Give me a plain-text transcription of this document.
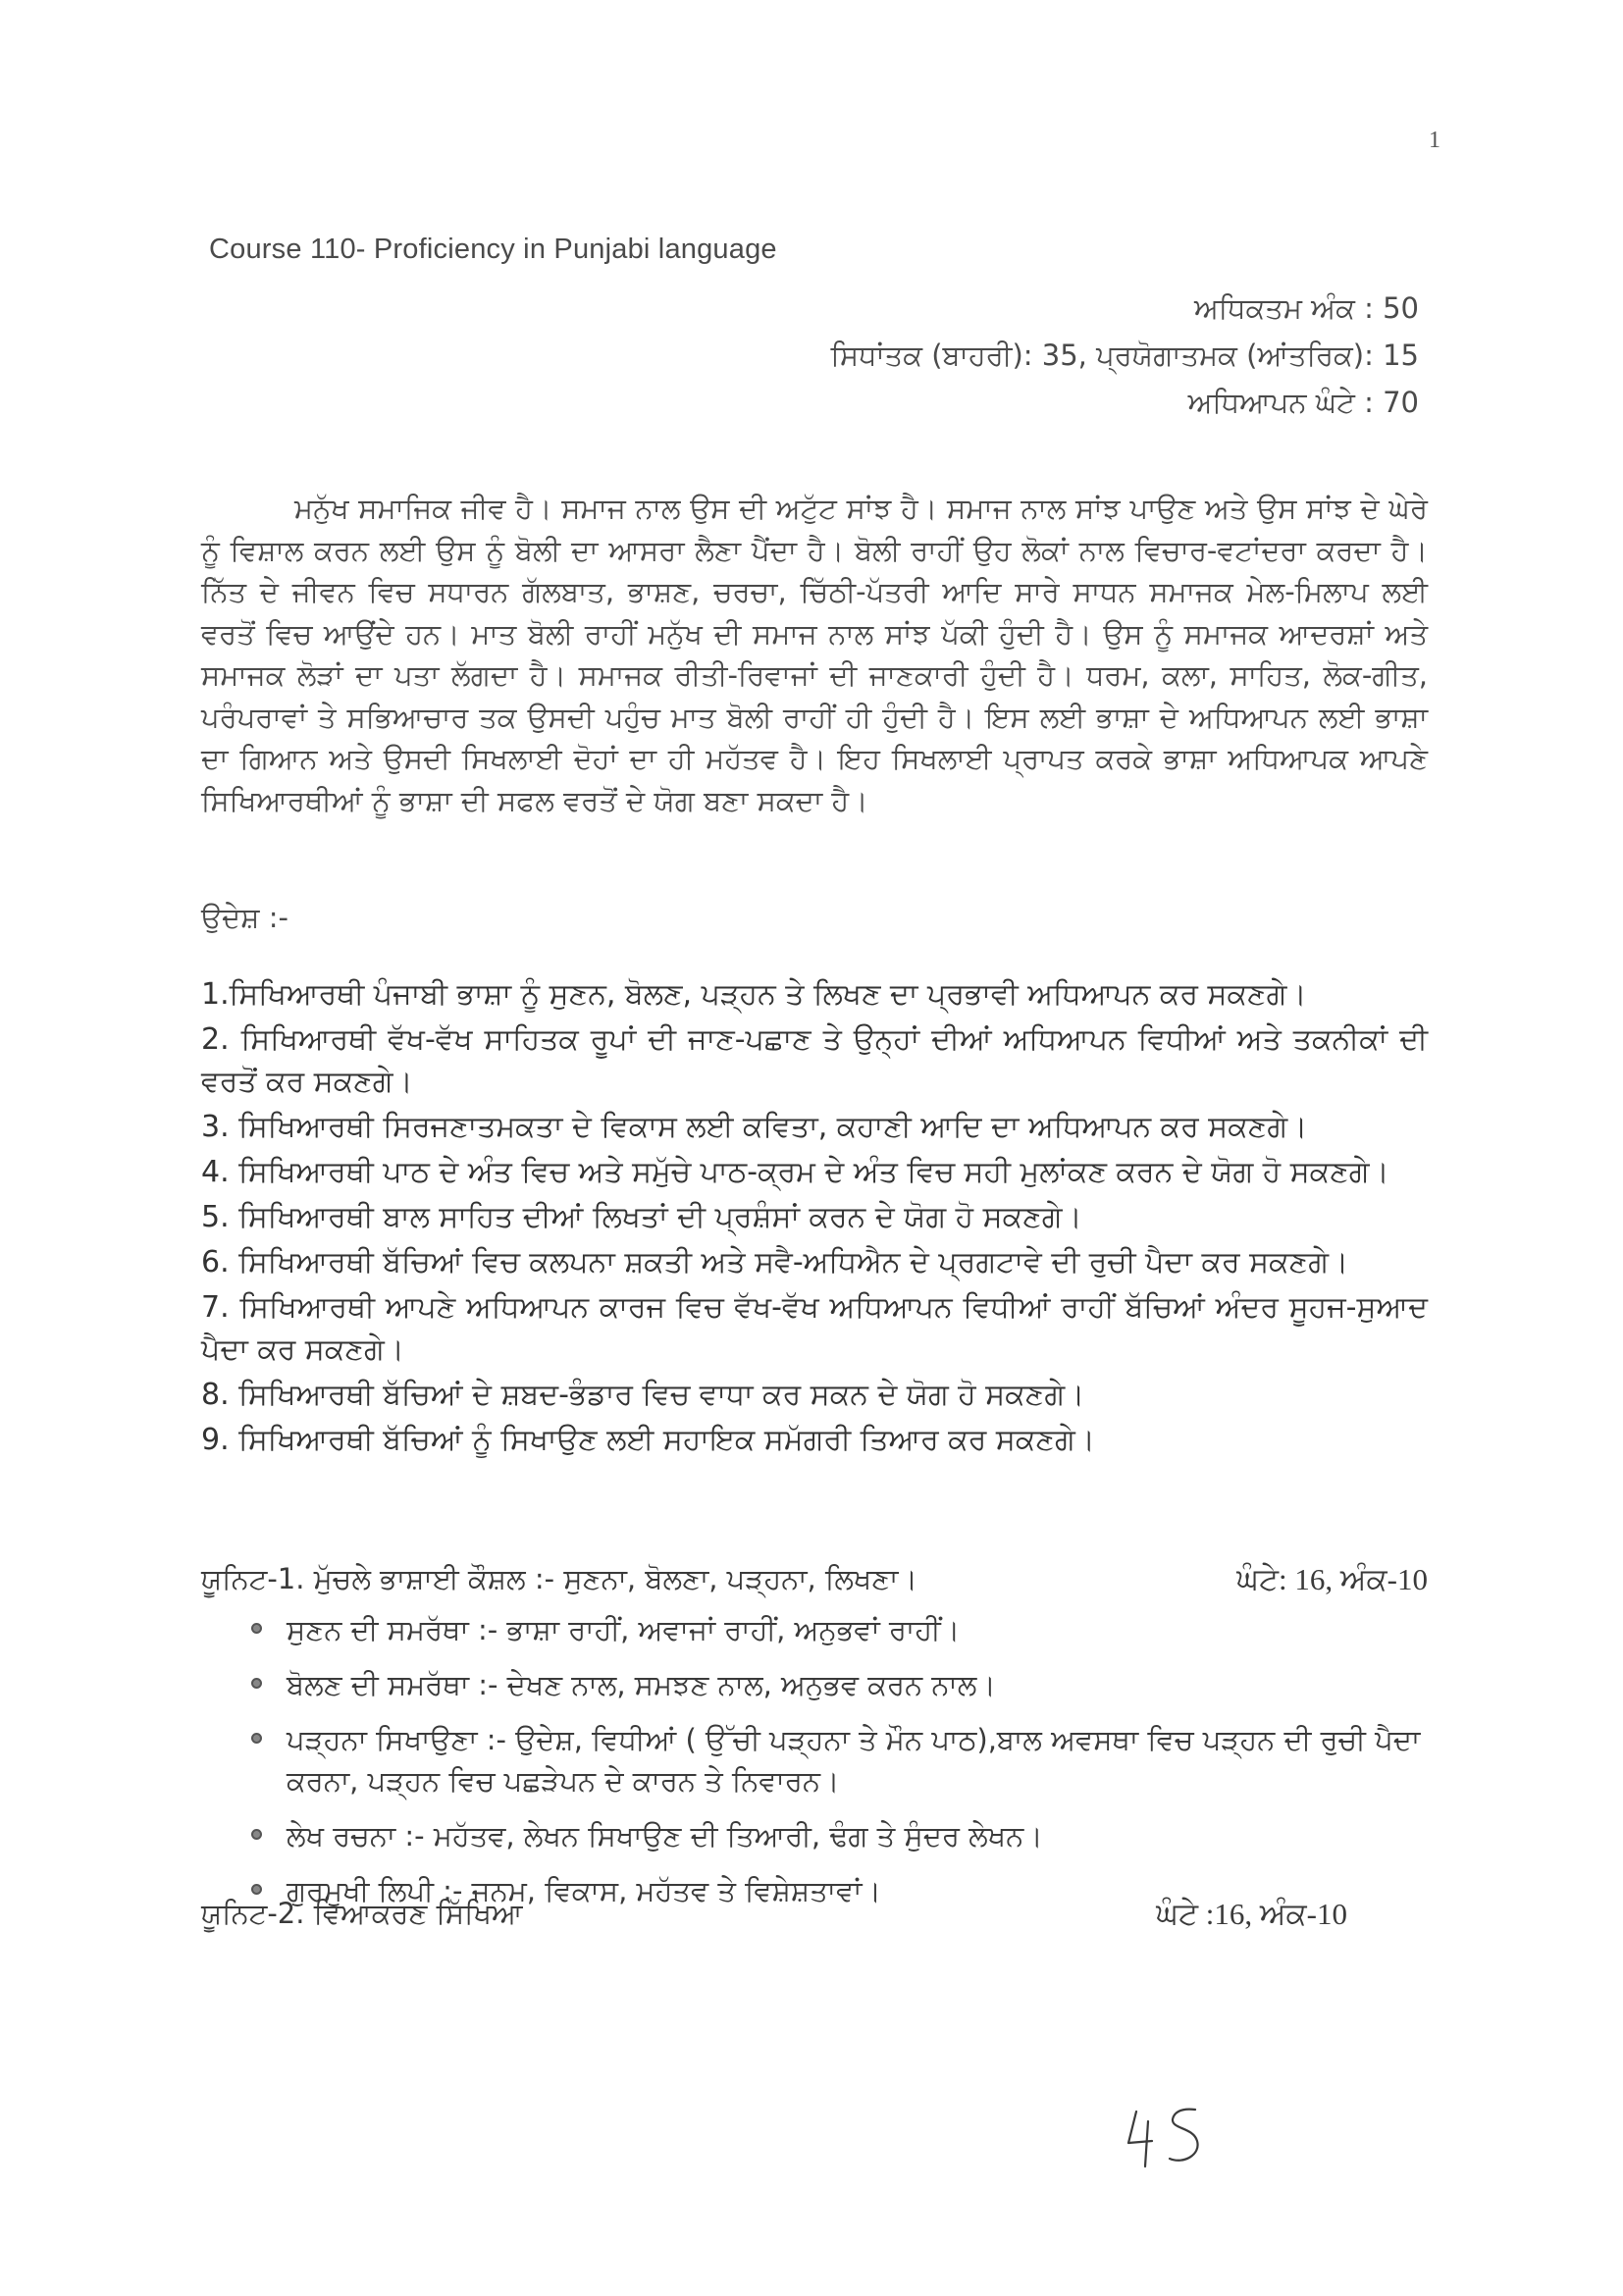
1
Course 110- Proficiency in Punjabi language
ਅਧਿਕਤਮ ਅੰਕ : 50
ਸਿਧਾਂਤਕ (ਬਾਹਰੀ): 35, ਪ੍ਰਯੋਗਾਤਮਕ (ਆਂਤਰਿਕ): 15
ਅਧਿਆਪਨ ਘੰਟੇ : 70

ਮਨੁੱਖ ਸਮਾਜਿਕ ਜੀਵ ਹੈ। ਸਮਾਜ ਨਾਲ ਉਸ ਦੀ ਅਟੁੱਟ ਸਾਂਝ ਹੈ। ਸਮਾਜ ਨਾਲ ਸਾਂਝ ਪਾਉਣ ਅਤੇ ਉਸ ਸਾਂਝ ਦੇ ਘੇਰੇ ਨੂੰ ਵਿਸ਼ਾਲ ਕਰਨ ਲਈ ਉਸ ਨੂੰ ਬੋਲੀ ਦਾ ਆਸਰਾ ਲੈਣਾ ਪੈਂਦਾ ਹੈ। ਬੋਲੀ ਰਾਹੀਂ ਉਹ ਲੋਕਾਂ ਨਾਲ ਵਿਚਾਰ-ਵਟਾਂਦਰਾ ਕਰਦਾ ਹੈ। ਨਿੱਤ ਦੇ ਜੀਵਨ ਵਿਚ ਸਧਾਰਨ ਗੱਲਬਾਤ, ਭਾਸ਼ਣ, ਚਰਚਾ, ਚਿੱਠੀ-ਪੱਤਰੀ ਆਦਿ ਸਾਰੇ ਸਾਧਨ ਸਮਾਜਕ ਮੇਲ-ਮਿਲਾਪ ਲਈ ਵਰਤੋਂ ਵਿਚ ਆਉਂਦੇ ਹਨ। ਮਾਤ ਬੋਲੀ ਰਾਹੀਂ ਮਨੁੱਖ ਦੀ ਸਮਾਜ ਨਾਲ ਸਾਂਝ ਪੱਕੀ ਹੁੰਦੀ ਹੈ। ਉਸ ਨੂੰ ਸਮਾਜਕ ਆਦਰਸ਼ਾਂ ਅਤੇ ਸਮਾਜਕ ਲੋੜਾਂ ਦਾ ਪਤਾ ਲੱਗਦਾ ਹੈ। ਸਮਾਜਕ ਰੀਤੀ-ਰਿਵਾਜਾਂ ਦੀ ਜਾਣਕਾਰੀ ਹੁੰਦੀ ਹੈ। ਧਰਮ, ਕਲਾ, ਸਾਹਿਤ, ਲੋਕ-ਗੀਤ, ਪਰੰਪਰਾਵਾਂ ਤੇ ਸਭਿਆਚਾਰ ਤਕ ਉਸਦੀ ਪਹੁੰਚ ਮਾਤ ਬੋਲੀ ਰਾਹੀਂ ਹੀ ਹੁੰਦੀ ਹੈ। ਇਸ ਲਈ ਭਾਸ਼ਾ ਦੇ ਅਧਿਆਪਨ ਲਈ ਭਾਸ਼ਾ ਦਾ ਗਿਆਨ ਅਤੇ ਉਸਦੀ ਸਿਖਲਾਈ ਦੋਹਾਂ ਦਾ ਹੀ ਮਹੱਤਵ ਹੈ। ਇਹ ਸਿਖਲਾਈ ਪ੍ਰਾਪਤ ਕਰਕੇ ਭਾਸ਼ਾ ਅਧਿਆਪਕ ਆਪਣੇ ਸਿਖਿਆਰਥੀਆਂ ਨੂੰ ਭਾਸ਼ਾ ਦੀ ਸਫਲ ਵਰਤੋਂ ਦੇ ਯੋਗ ਬਣਾ ਸਕਦਾ ਹੈ।

ਉਦੇਸ਼ :-
1.ਸਿਖਿਆਰਥੀ ਪੰਜਾਬੀ ਭਾਸ਼ਾ ਨੂੰ ਸੁਣਨ, ਬੋਲਣ, ਪੜ੍ਹਨ ਤੇ ਲਿਖਣ ਦਾ ਪ੍ਰਭਾਵੀ ਅਧਿਆਪਨ ਕਰ ਸਕਣਗੇ।
2. ਸਿਖਿਆਰਥੀ ਵੱਖ-ਵੱਖ ਸਾਹਿਤਕ ਰੂਪਾਂ ਦੀ ਜਾਣ-ਪਛਾਣ ਤੇ ਉਨ੍ਹਾਂ ਦੀਆਂ ਅਧਿਆਪਨ ਵਿਧੀਆਂ ਅਤੇ ਤਕਨੀਕਾਂ ਦੀ ਵਰਤੋਂ ਕਰ ਸਕਣਗੇ।
3. ਸਿਖਿਆਰਥੀ ਸਿਰਜਣਾਤਮਕਤਾ ਦੇ ਵਿਕਾਸ ਲਈ ਕਵਿਤਾ, ਕਹਾਣੀ ਆਦਿ ਦਾ ਅਧਿਆਪਨ ਕਰ ਸਕਣਗੇ।
4. ਸਿਖਿਆਰਥੀ ਪਾਠ ਦੇ ਅੰਤ ਵਿਚ ਅਤੇ ਸਮੁੱਚੇ ਪਾਠ-ਕ੍ਰਮ ਦੇ ਅੰਤ ਵਿਚ ਸਹੀ ਮੁਲਾਂਕਣ ਕਰਨ ਦੇ ਯੋਗ ਹੋ ਸਕਣਗੇ।
5. ਸਿਖਿਆਰਥੀ ਬਾਲ ਸਾਹਿਤ ਦੀਆਂ ਲਿਖਤਾਂ ਦੀ ਪ੍ਰਸ਼ੰਸਾਂ ਕਰਨ ਦੇ ਯੋਗ ਹੋ ਸਕਣਗੇ।
6. ਸਿਖਿਆਰਥੀ ਬੱਚਿਆਂ ਵਿਚ ਕਲਪਨਾ ਸ਼ਕਤੀ ਅਤੇ ਸਵੈ-ਅਧਿਐਨ ਦੇ ਪ੍ਰਗਟਾਵੇ ਦੀ ਰੁਚੀ ਪੈਦਾ ਕਰ ਸਕਣਗੇ।
7. ਸਿਖਿਆਰਥੀ ਆਪਣੇ ਅਧਿਆਪਨ ਕਾਰਜ ਵਿਚ ਵੱਖ-ਵੱਖ ਅਧਿਆਪਨ ਵਿਧੀਆਂ ਰਾਹੀਂ ਬੱਚਿਆਂ ਅੰਦਰ ਸੂਹਜ-ਸੁਆਦ ਪੈਦਾ ਕਰ ਸਕਣਗੇ।
8. ਸਿਖਿਆਰਥੀ ਬੱਚਿਆਂ ਦੇ ਸ਼ਬਦ-ਭੰਡਾਰ ਵਿਚ ਵਾਧਾ ਕਰ ਸਕਨ ਦੇ ਯੋਗ ਹੋ ਸਕਣਗੇ।
9. ਸਿਖਿਆਰਥੀ ਬੱਚਿਆਂ ਨੂੰ ਸਿਖਾਉਣ ਲਈ ਸਹਾਇਕ ਸਮੱਗਰੀ ਤਿਆਰ ਕਰ ਸਕਣਗੇ।
ਯੂਨਿਟ-1. ਮੁੱਚਲੇ ਭਾਸ਼ਾਈ ਕੌਸ਼ਲ :- ਸੁਣਨਾ, ਬੋਲਣਾ, ਪੜ੍ਹਨਾ, ਲਿਖਣਾ।	ਘੰਟੇ: 16, ਅੰਕ-10
ਸੁਣਨ ਦੀ ਸਮਰੱਥਾ :- ਭਾਸ਼ਾ ਰਾਹੀਂ, ਅਵਾਜਾਂ ਰਾਹੀਂ, ਅਨੁਭਵਾਂ ਰਾਹੀਂ।
ਬੋਲਣ ਦੀ ਸਮਰੱਥਾ :- ਦੇਖਣ ਨਾਲ, ਸਮਝਣ ਨਾਲ, ਅਨੁਭਵ ਕਰਨ ਨਾਲ।
ਪੜ੍ਹਨਾ ਸਿਖਾਉਣਾ :- ਉਦੇਸ਼, ਵਿਧੀਆਂ ( ਉੱਚੀ ਪੜ੍ਹਨਾ ਤੇ ਮੌਨ ਪਾਠ),ਬਾਲ ਅਵਸਥਾ ਵਿਚ ਪੜ੍ਹਨ ਦੀ ਰੁਚੀ ਪੈਦਾ ਕਰਨਾ, ਪੜ੍ਹਨ ਵਿਚ ਪਛੜੇਪਨ ਦੇ ਕਾਰਨ ਤੇ ਨਿਵਾਰਨ।
ਲੇਖ ਰਚਨਾ :- ਮਹੱਤਵ, ਲੇਖਨ ਸਿਖਾਉਣ ਦੀ ਤਿਆਰੀ, ਢੰਗ ਤੇ ਸੁੰਦਰ ਲੇਖਨ।
ਗੁਰਮੁਖੀ ਲਿਪੀ :- ਜਨਮ, ਵਿਕਾਸ, ਮਹੱਤਵ ਤੇ ਵਿਸ਼ੇਸ਼ਤਾਵਾਂ।
ਯੂਨਿਟ-2. ਵਿਆਕਰਣ ਸਿੱਖਿਆ	ਘੰਟੇ :16, ਅੰਕ-10
